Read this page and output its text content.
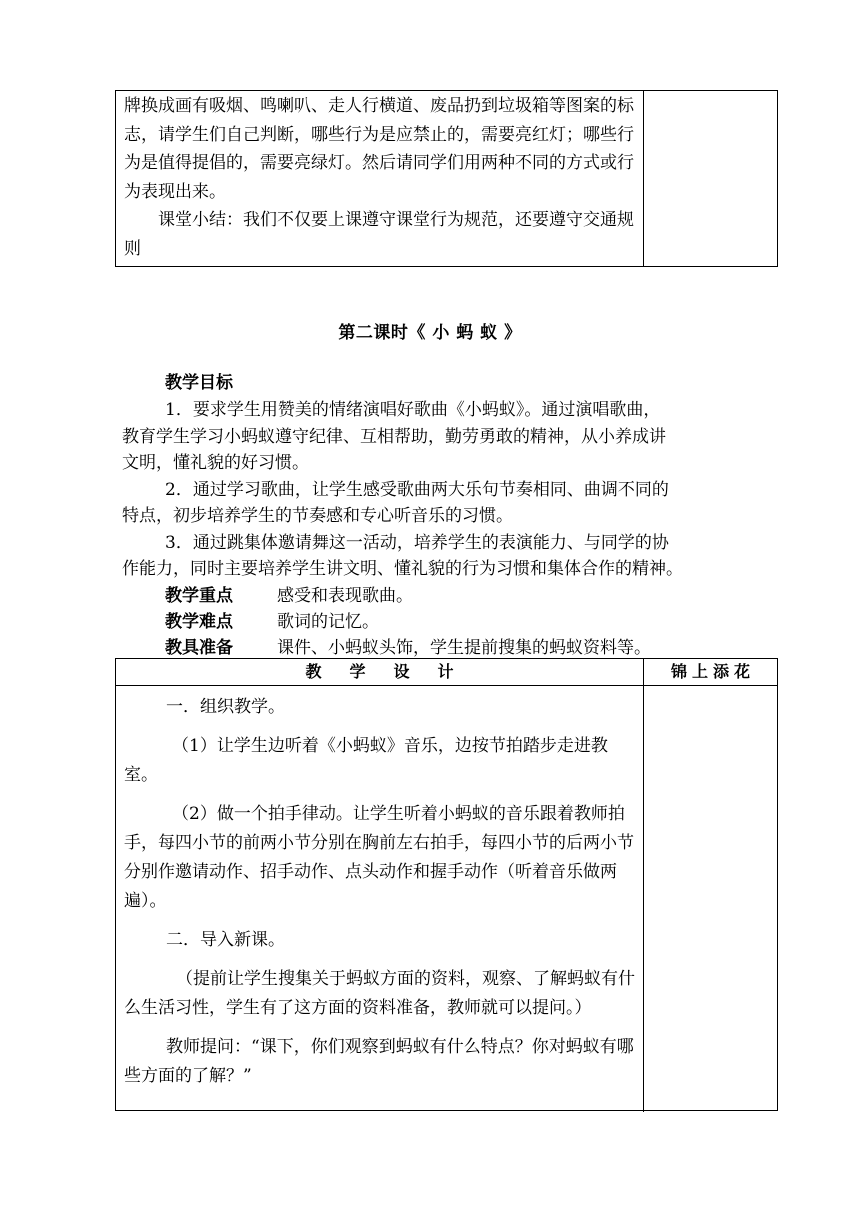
牌换成画有吸烟、鸣喇叭、走人行横道、废品扔到垃圾箱等图案的标志，请学生们自己判断，哪些行为是应禁止的，需要亮红灯；哪些行为是值得提倡的，需要亮绿灯。然后请同学们用两种不同的方式或行为表现出来。

课堂小结：我们不仅要上课遵守课堂行为规范，还要遵守交通规则

第二课时《 小 蚂 蚁 》

教学目标

1．要求学生用赞美的情绪演唱好歌曲《小蚂蚁》。通过演唱歌曲，

教育学生学习小蚂蚁遵守纪律、互相帮助，勤劳勇敢的精神，从小养成讲

文明，懂礼貌的好习惯。

2．通过学习歌曲，让学生感受歌曲两大乐句节奏相同、曲调不同的

特点，初步培养学生的节奏感和专心听音乐的习惯。

3．通过跳集体邀请舞这一活动，培养学生的表演能力、与同学的协

作能力，同时主要培养学生讲文明、懂礼貌的行为习惯和集体合作的精神。

教学重点	感受和表现歌曲。

教学难点	歌词的记忆。

教具准备	课件、小蚂蚁头饰，学生提前搜集的蚂蚁资料等。

教学设计	锦上添花

一．组织教学。

（1）让学生边听着《小蚂蚁》音乐，边按节拍踏步走进教室。

（2）做一个拍手律动。让学生听着小蚂蚁的音乐跟着教师拍手，每四小节的前两小节分别在胸前左右拍手，每四小节的后两小节分别作邀请动作、招手动作、点头动作和握手动作（听着音乐做两遍）。

二．导入新课。

（提前让学生搜集关于蚂蚁方面的资料，观察、了解蚂蚁有什么生活习性，学生有了这方面的资料准备，教师就可以提问。）

教师提问：“课下，你们观察到蚂蚁有什么特点？你对蚂蚁有哪些方面的了解？”
